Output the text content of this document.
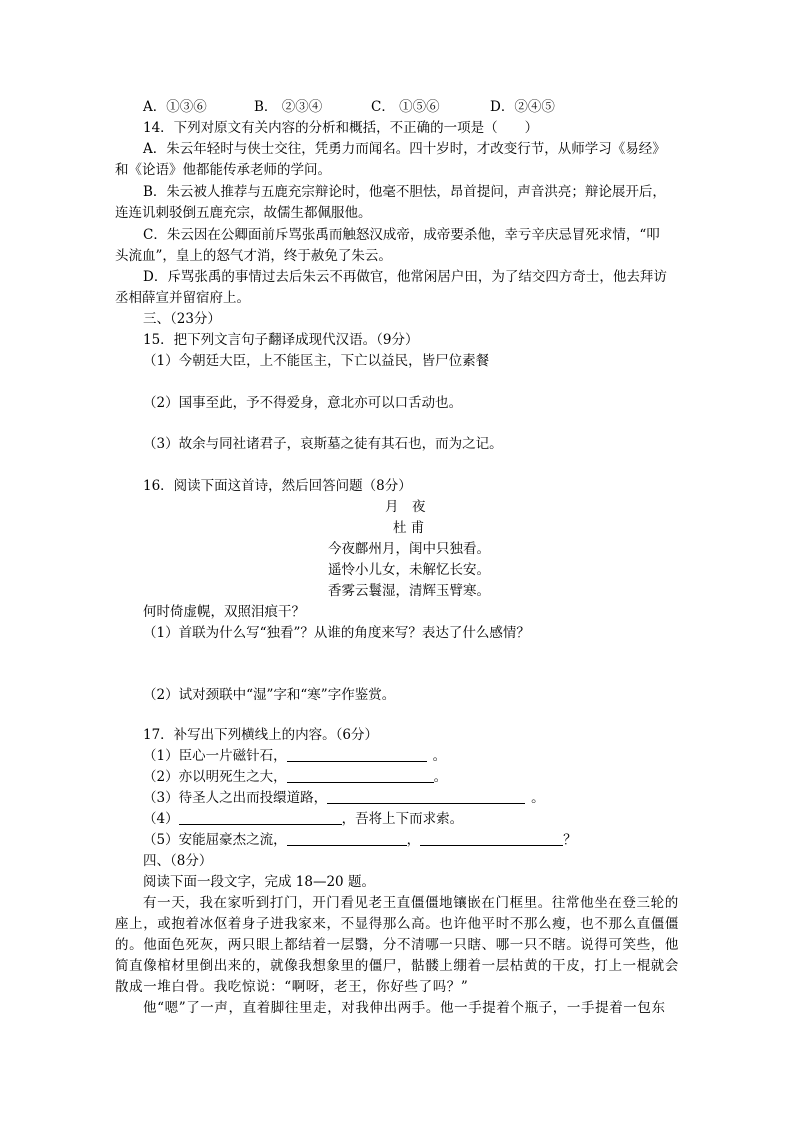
A．①③⑥	B． ②③④	C． ①⑤⑥	D．②④⑤
14．下列对原文有关内容的分析和概括，不正确的一项是（　　）
A．朱云年轻时与侠士交往，凭勇力而闻名。四十岁时，才改变行节，从师学习《易经》
和《论语》他都能传承老师的学问。
B．朱云被人推荐与五鹿充宗辩论时，他毫不胆怯，昂首提问，声音洪亮；辩论展开后，
连连讥刺驳倒五鹿充宗，故儒生都佩服他。
C．朱云因在公卿面前斥骂张禹而触怒汉成帝，成帝要杀他，幸亏辛庆忌冒死求情，“叩
头流血”，皇上的怒气才消，终于赦免了朱云。
D．斥骂张禹的事情过去后朱云不再做官，他常闲居户田，为了结交四方奇士，他去拜访
丞相薛宣并留宿府上。
三、（23分）
15．把下列文言句子翻译成现代汉语。（9分）
（1）今朝廷大臣，上不能匡主，下亡以益民，皆尸位素餐
（2）国事至此，予不得爱身，意北亦可以口舌动也。
（3）故余与同社诸君子，哀斯墓之徒有其石也，而为之记。
16．阅读下面这首诗，然后回答问题（8分）
月　夜
杜 甫
今夜鄜州月，闺中只独看。
遥怜小儿女，未解忆长安。
香雾云鬟湿，清辉玉臂寒。
何时倚虚幌，双照泪痕干？
（1）首联为什么写“独看”？从谁的角度来写？表达了什么感情？
（2）试对颈联中“湿”字和“寒”字作鉴赏。
17．补写出下列横线上的内容。（6分）
（1）臣心一片磁针石，	。
（2）亦以明死生之大，	。
（3）待圣人之出而投缳道路，	。
（4）	，吾将上下而求索。
（5）安能屈豪杰之流，	，	？
四、（8分）
阅读下面一段文字，完成 18—20 题。
有一天，我在家听到打门，开门看见老王直僵僵地镶嵌在门框里。往常他坐在登三轮的
座上，或抱着冰伛着身子进我家来，不显得那么高。也许他平时不那么瘦，也不那么直僵僵
的。他面色死灰，两只眼上都结着一层翳，分不清哪一只瞎、哪一只不瞎。说得可笑些，他
简直像棺材里倒出来的，就像我想象里的僵尸，骷髅上绷着一层枯黄的干皮，打上一棍就会
散成一堆白骨。我吃惊说：“啊呀，老王，你好些了吗？”
他“嗯”了一声，直着脚往里走，对我伸出两手。他一手提着个瓶子，一手提着一包东
